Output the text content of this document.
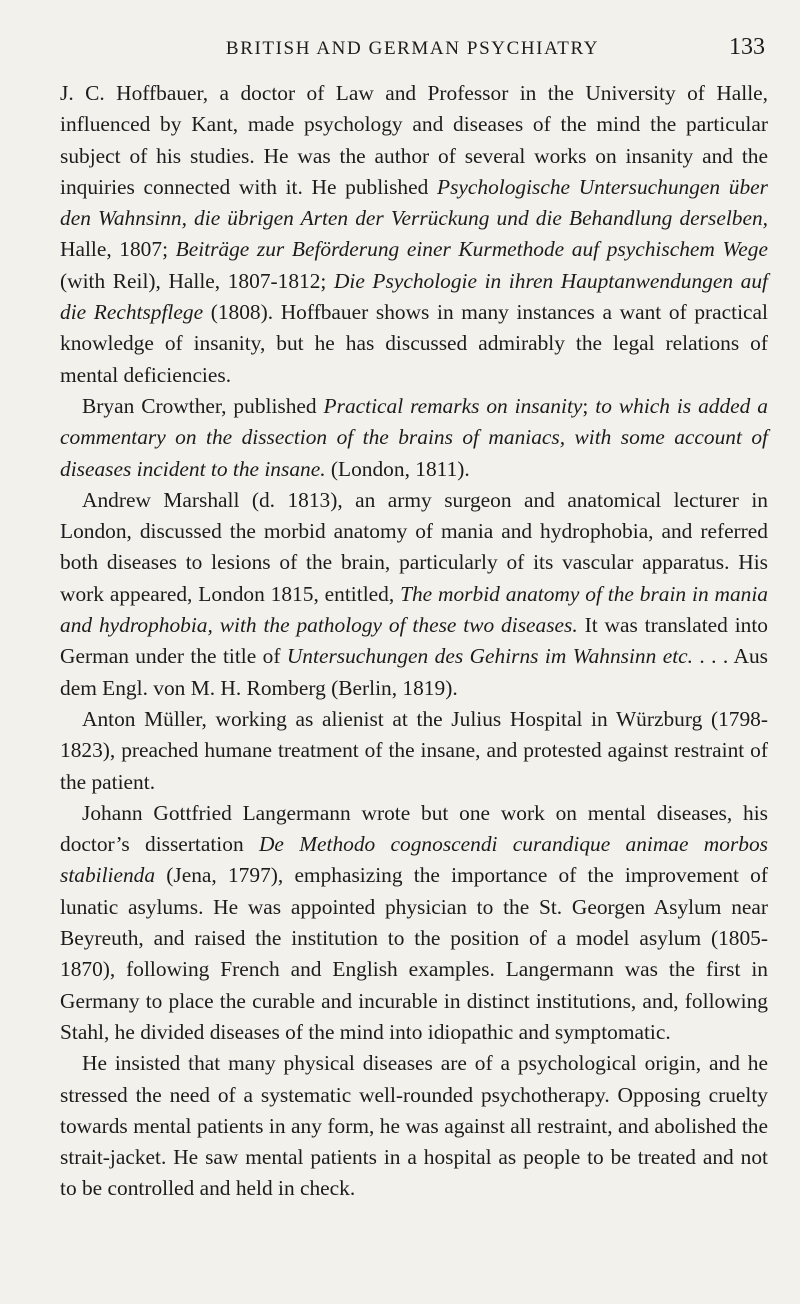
BRITISH AND GERMAN PSYCHIATRY	133

J. C. Hoffbauer, a doctor of Law and Professor in the University of Halle, influenced by Kant, made psychology and diseases of the mind the particular subject of his studies. He was the author of several works on insanity and the inquiries connected with it. He published Psychologische Untersuchungen über den Wahnsinn, die übrigen Arten der Verrückung und die Behandlung derselben, Halle, 1807; Beiträge zur Beförderung einer Kurmethode auf psychischem Wege (with Reil), Halle, 1807-1812; Die Psychologie in ihren Hauptanwendungen auf die Rechtspflege (1808). Hoffbauer shows in many instances a want of practical knowledge of insanity, but he has discussed admirably the legal relations of mental deficiencies.

Bryan Crowther, published Practical remarks on insanity; to which is added a commentary on the dissection of the brains of maniacs, with some account of diseases incident to the insane. (London, 1811).

Andrew Marshall (d. 1813), an army surgeon and anatomical lecturer in London, discussed the morbid anatomy of mania and hydrophobia, and referred both diseases to lesions of the brain, particularly of its vascular apparatus. His work appeared, London 1815, entitled, The morbid anatomy of the brain in mania and hydrophobia, with the pathology of these two diseases. It was translated into German under the title of Untersuchungen des Gehirns im Wahnsinn etc. . . . Aus dem Engl. von M. H. Romberg (Berlin, 1819).

Anton Müller, working as alienist at the Julius Hospital in Würzburg (1798-1823), preached humane treatment of the insane, and protested against restraint of the patient.

Johann Gottfried Langermann wrote but one work on mental diseases, his doctor’s dissertation De Methodo cognoscendi curandique animae morbos stabilienda (Jena, 1797), emphasizing the importance of the improvement of lunatic asylums. He was appointed physician to the St. Georgen Asylum near Beyreuth, and raised the institution to the position of a model asylum (1805-1870), following French and English examples. Langermann was the first in Germany to place the curable and incurable in distinct institutions, and, following Stahl, he divided diseases of the mind into idiopathic and symptomatic.

He insisted that many physical diseases are of a psychological origin, and he stressed the need of a systematic well-rounded psychotherapy. Opposing cruelty towards mental patients in any form, he was against all restraint, and abolished the strait-jacket. He saw mental patients in a hospital as people to be treated and not to be controlled and held in check.
